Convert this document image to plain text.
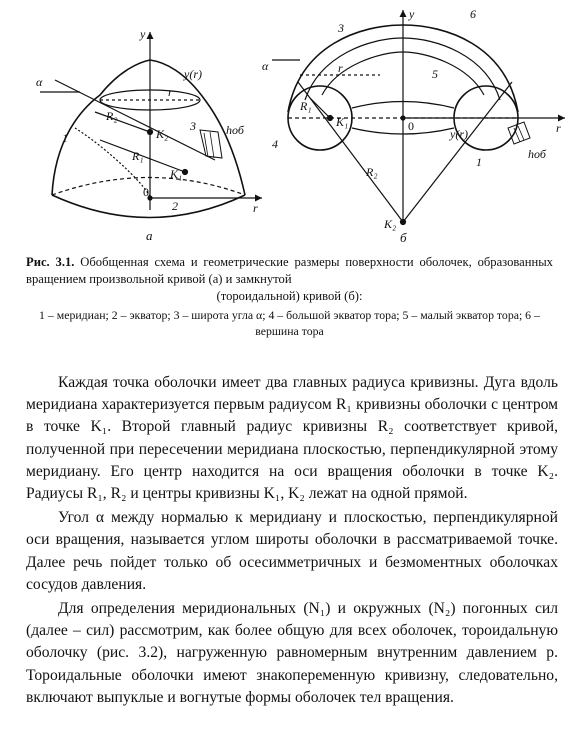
y
r
α
y(r)
r
R₂
R₁
K₂
K₁
hоб
0
1
2
3
а
y
r
α	r
R₁
R₂
K₁
K₂
y(r)
hоб
0
1
3
4
5
6
б
Рис. 3.1. Обобщенная схема и геометрические размеры поверхности оболочек, образованных вращением произвольной кривой (а) и замкнутой
(тороидальной) кривой (б):
1 – меридиан; 2 – экватор; 3 – широта угла α; 4 – большой экватор тора; 5 – малый экватор тора; 6 – вершина тора

Каждая точка оболочки имеет два главных радиуса кривизны. Дуга вдоль меридиана характеризуется первым радиусом R₁ кривизны оболочки с центром в точке K₁. Второй главный радиус кривизны R₂ соответствует кривой, полученной при пересечении меридиана плоскостью, перпендикулярной этому меридиану. Его центр находится на оси вращения оболочки в точке K₂. Радиусы R₁, R₂ и центры кривизны K₁, K₂ лежат на одной прямой.

Угол α между нормалью к меридиану и плоскостью, перпендикулярной оси вращения, называется углом широты оболочки в рассматриваемой точке. Далее речь пойдет только об осесимметричных и безмоментных оболочках сосудов давления.

Для определения меридиональных (N₁) и окружных (N₂) погонных сил (далее – сил) рассмотрим, как более общую для всех оболочек, тороидальную оболочку (рис. 3.2), нагруженную равномерным внутренним давлением p. Тороидальные оболочки имеют знакопеременную кривизну, следовательно, включают выпуклые и вогнутые формы оболочек тел вращения.
